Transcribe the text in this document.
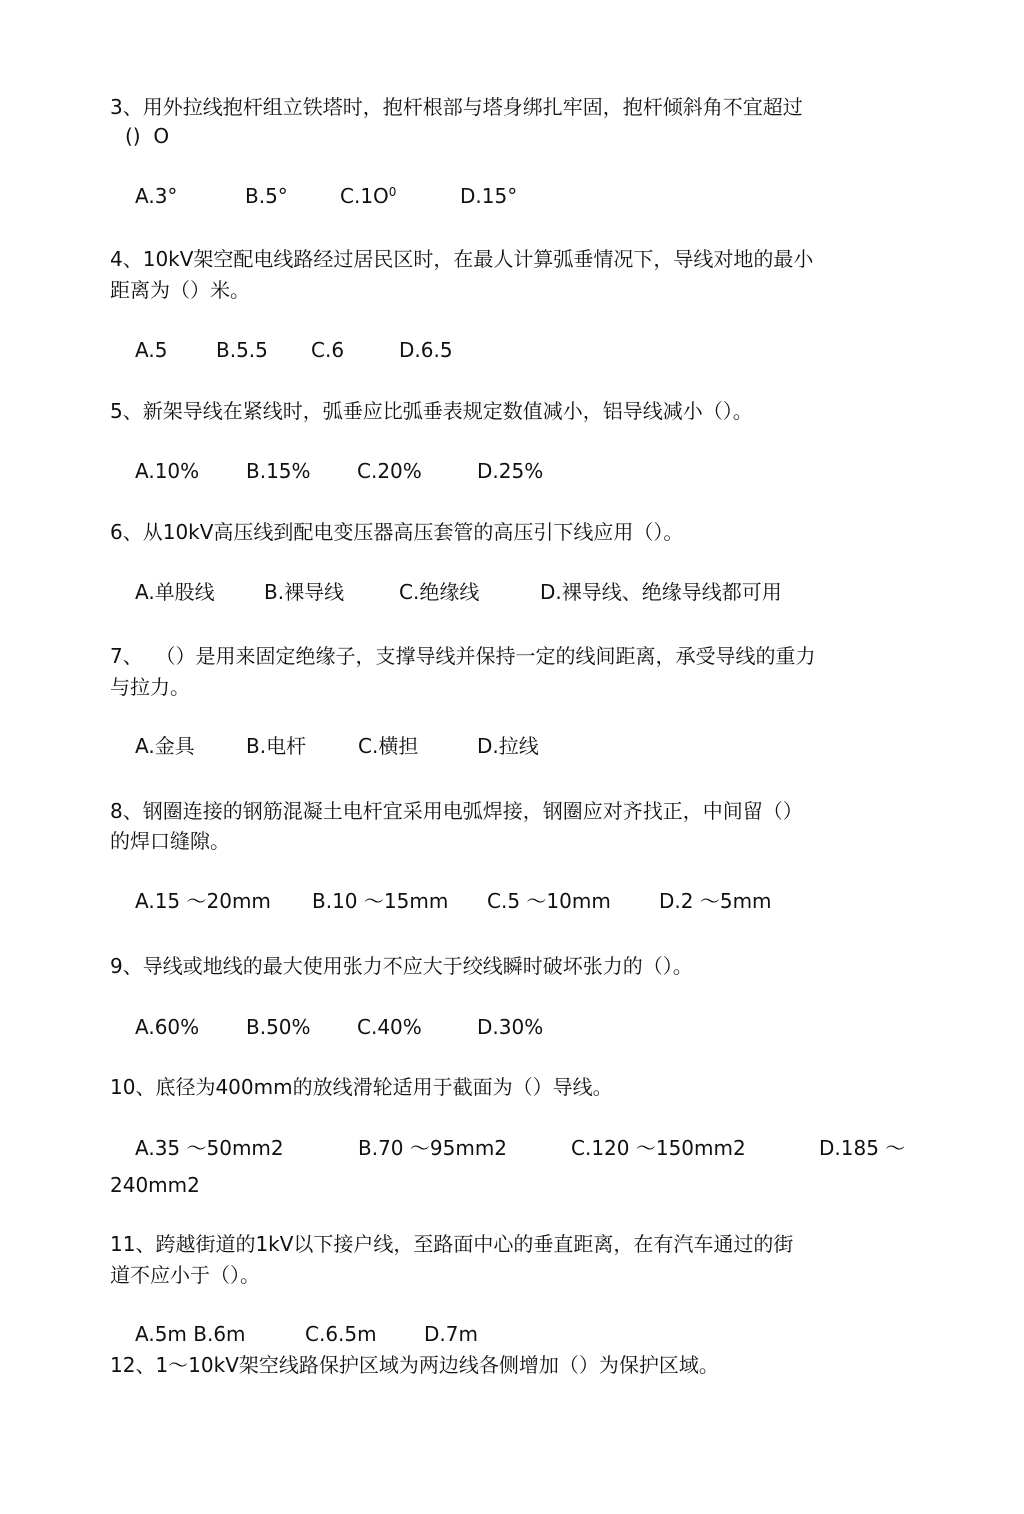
3、用外拉线抱杆组立铁塔时，抱杆根部与塔身绑扎牢固，抱杆倾斜角不宜超过
()  O
A.3°	B.5°	$C.1O^0$	D.15°
4、10kV架空配电线路经过居民区时，在最人计算弧垂情况下，导线对地的最小
距离为（）米。
A.5 B.5.5 C.6	D.6.5
5、新架导线在紧线时，弧垂应比弧垂表规定数值减小，铝导线减小（）。
A.10% B.15% C.20%	D.25%
6、从10kV高压线到配电变压器高压套管的高压引下线应用（）。
A.单股线 B.裸导线	C.绝缘线	D.裸导线、绝缘导线都可用
7、  （）是用来固定绝缘子，支撑导线并保持一定的线间距离，承受导线的重力
与拉力。
A.金具	B.电杆	C.横担	D.拉线
8、钢圈连接的钢筋混凝土电杆宜采用电弧焊接，钢圈应对齐找正，中间留（）
的焊口缝隙。
A.15 ～20mm B.10 ～15mm C.5 ～10mm D.2 ～5mm
9、导线或地线的最大使用张力不应大于绞线瞬时破坏张力的（）。
A.60% B.50% C.40%	D.30%
10、底径为400mm的放线滑轮适用于截面为（）导线。
A.35 ～50mm2	B.70 ～95mm2	C.120 ～150mm2	D.185 ～
240mm2
11、跨越街道的1kV以下接户线，至路面中心的垂直距离，在有汽车通过的街
道不应小于（）。
A.5m B.6m	C.6.5m D.7m
12、1～10kV架空线路保护区域为两边线各侧增加（）为保护区域。
